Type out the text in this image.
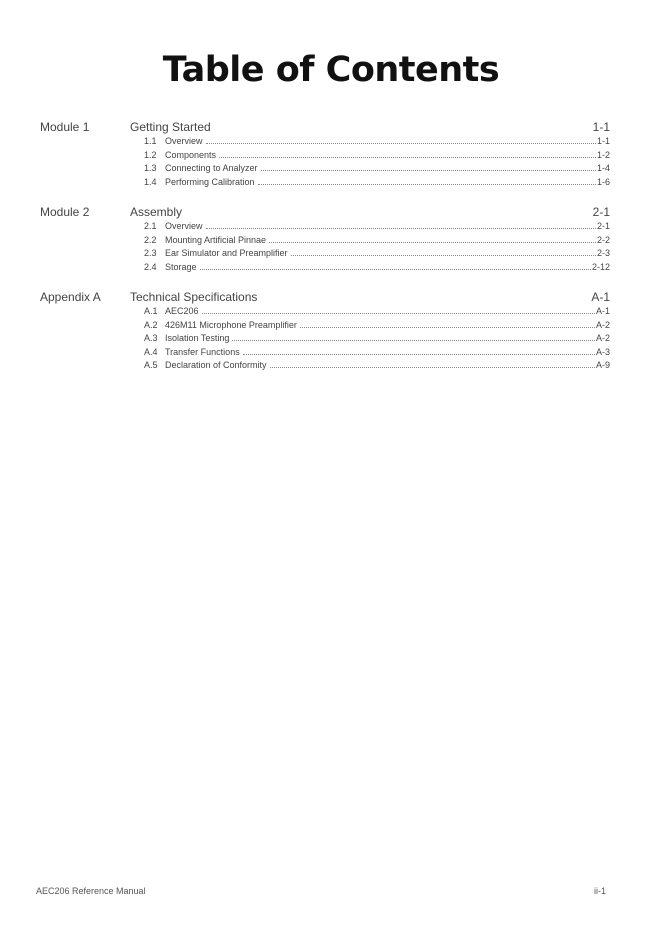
Table of Contents
Module 1	Getting Started	1-1
1.1 Overview	1-1
1.2 Components	1-2
1.3 Connecting to Analyzer	1-4
1.4 Performing Calibration	1-6
Module 2	Assembly	2-1
2.1 Overview	2-1
2.2 Mounting Artificial Pinnae	2-2
2.3 Ear Simulator and Preamplifier	2-3
2.4 Storage	2-12
Appendix A	Technical Specifications	A-1
A.1 AEC206	A-1
A.2 426M11 Microphone Preamplifier	A-2
A.3 Isolation Testing	A-2
A.4 Transfer Functions	A-3
A.5 Declaration of Conformity	A-9
AEC206 Reference Manual	ii-1
